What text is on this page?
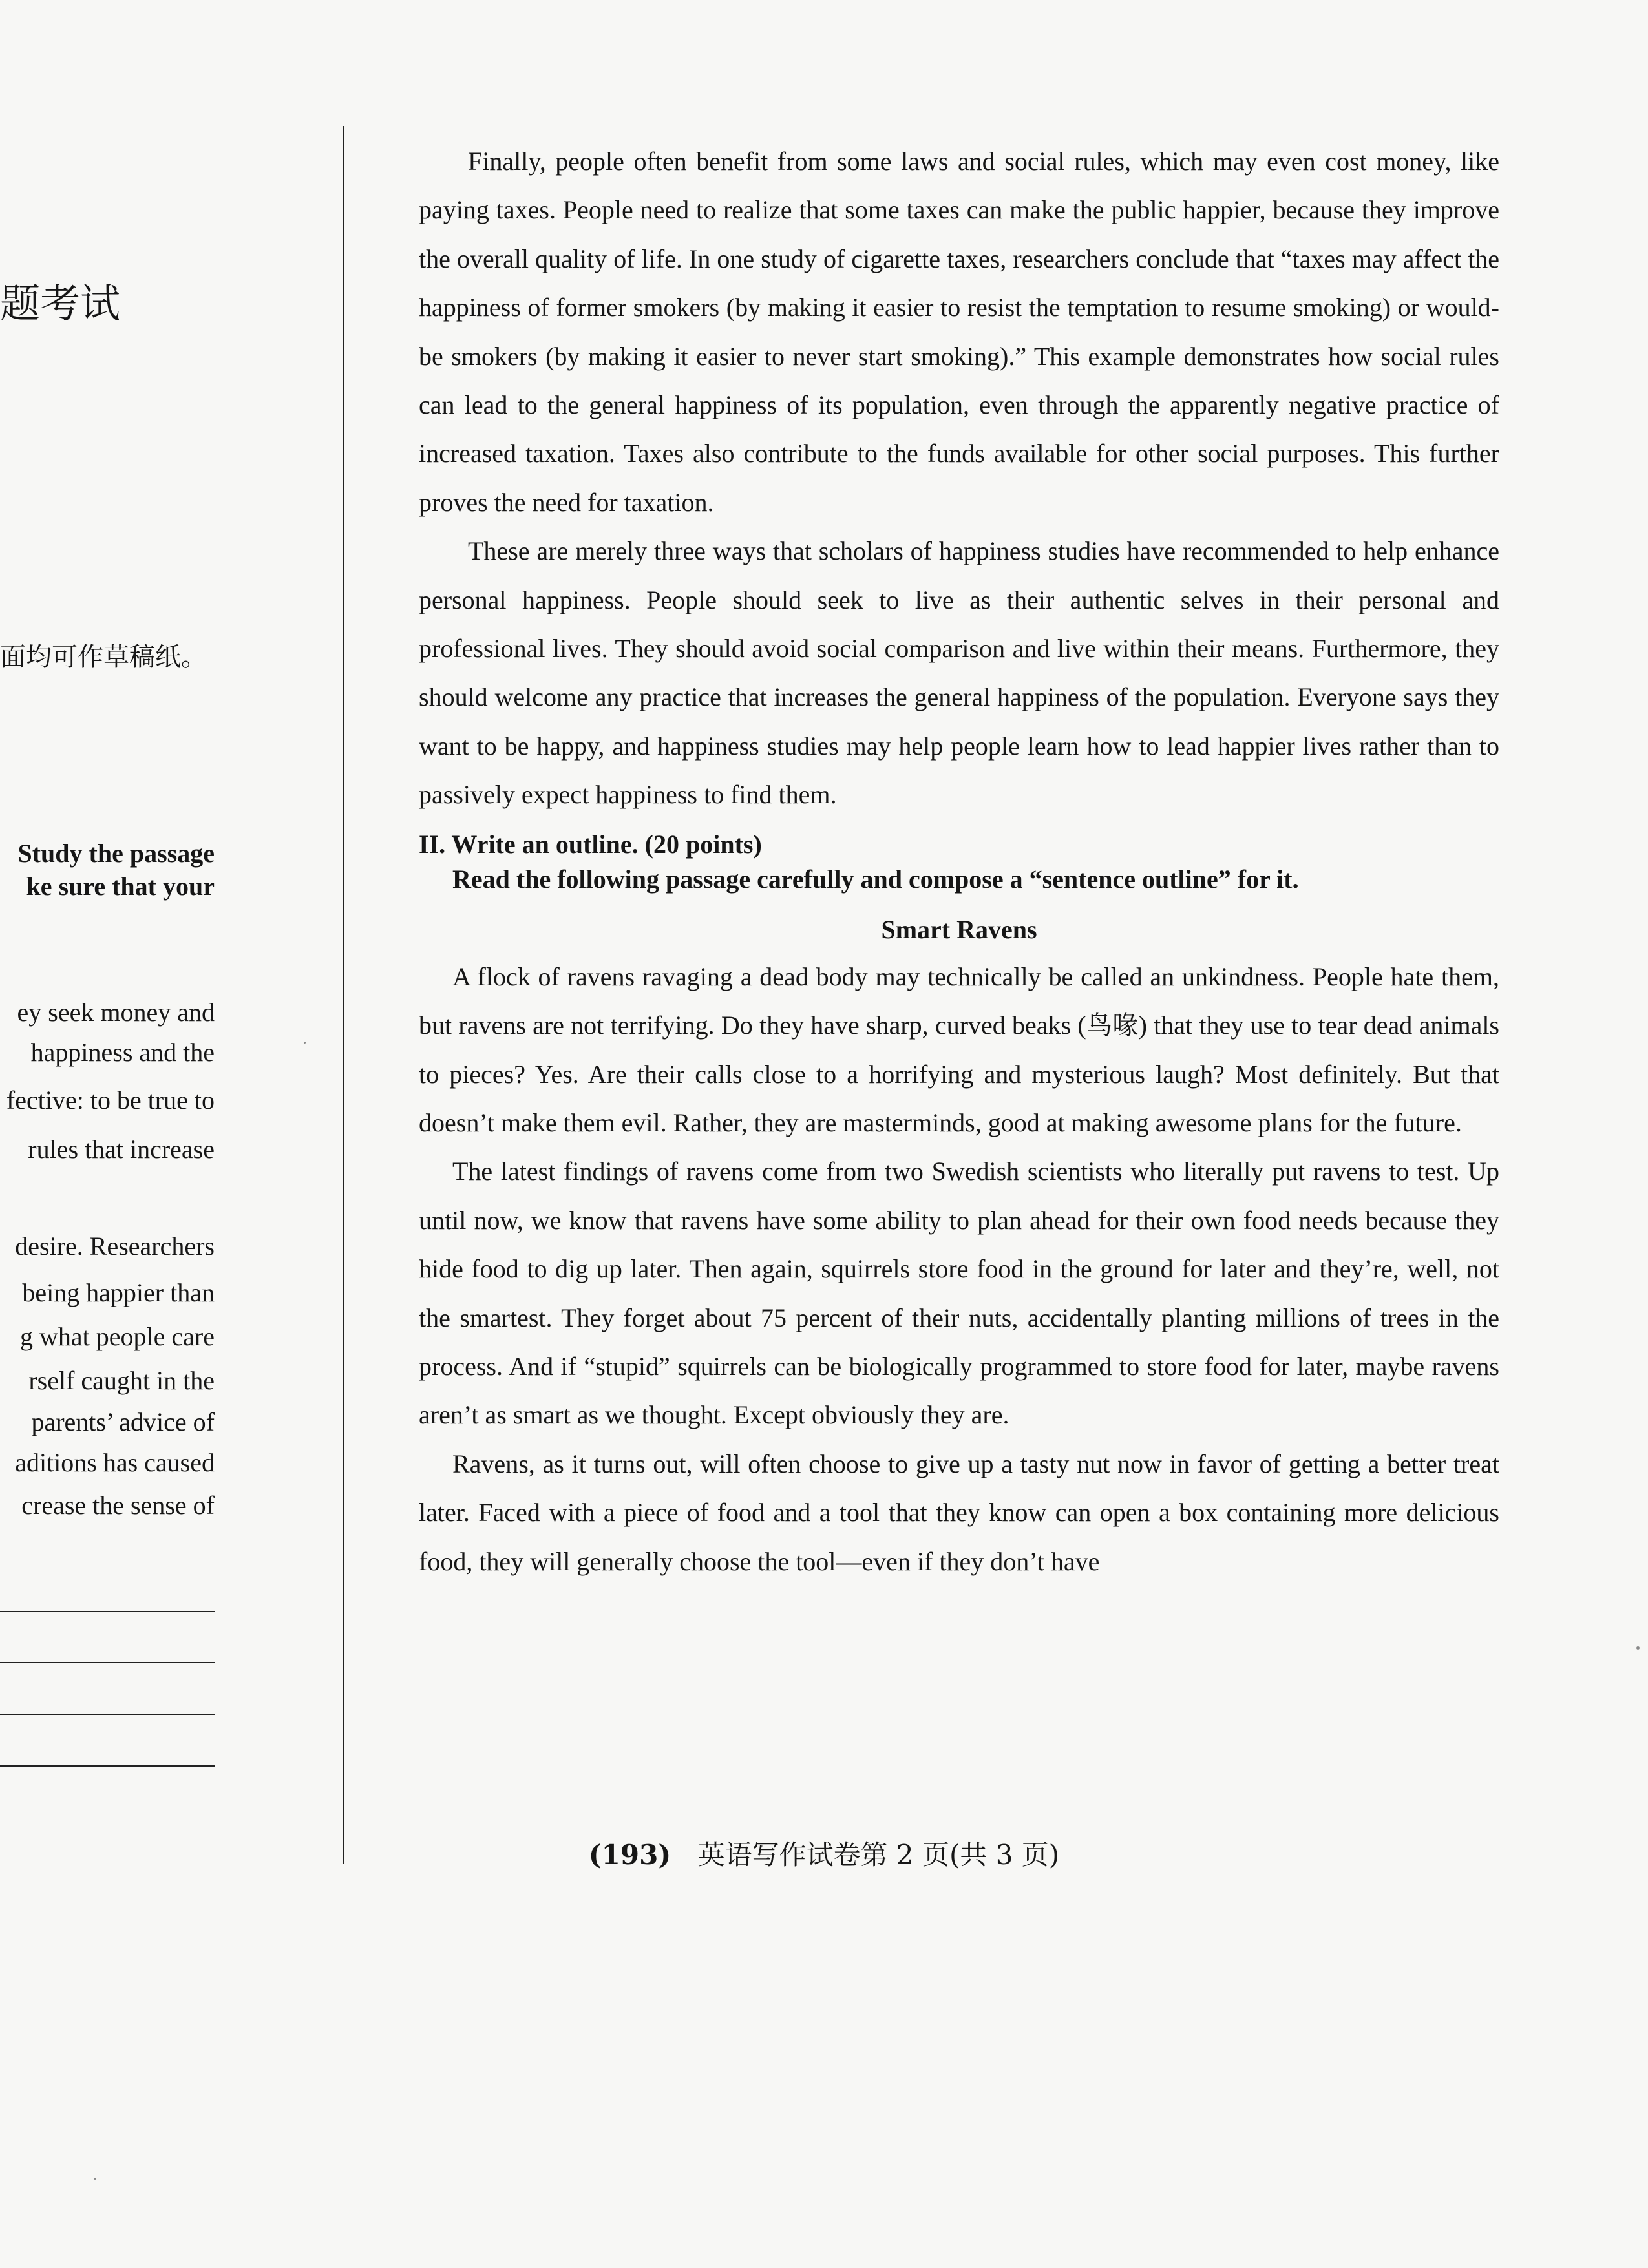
题考试
面均可作草稿纸。
Study the passage
ke sure that your
ey seek money and
happiness and the
fective: to be true to
rules that increase
desire. Researchers
being happier than
g what people care
rself caught in the
parents’ advice of
aditions has caused
crease the sense of

Finally, people often benefit from some laws and social rules, which may even cost money, like paying taxes. People need to realize that some taxes can make the public happier, because they improve the overall quality of life. In one study of cigarette taxes, researchers conclude that “taxes may affect the happiness of former smokers (by making it easier to resist the temptation to resume smoking) or would-be smokers (by making it easier to never start smoking).” This example demonstrates how social rules can lead to the general happiness of its population, even through the apparently negative practice of increased taxation. Taxes also contribute to the funds available for other social purposes. This further proves the need for taxation.

These are merely three ways that scholars of happiness studies have recommended to help enhance personal happiness. People should seek to live as their authentic selves in their personal and professional lives. They should avoid social comparison and live within their means. Furthermore, they should welcome any practice that increases the general happiness of the population. Everyone says they want to be happy, and happiness studies may help people learn how to lead happier lives rather than to passively expect happiness to find them.

II. Write an outline. (20 points)
Read the following passage carefully and compose a “sentence outline” for it.
Smart Ravens

A flock of ravens ravaging a dead body may technically be called an unkindness. People hate them, but ravens are not terrifying. Do they have sharp, curved beaks (鸟喙) that they use to tear dead animals to pieces? Yes. Are their calls close to a horrifying and mysterious laugh? Most definitely. But that doesn’t make them evil. Rather, they are masterminds, good at making awesome plans for the future.

The latest findings of ravens come from two Swedish scientists who literally put ravens to test. Up until now, we know that ravens have some ability to plan ahead for their own food needs because they hide food to dig up later. Then again, squirrels store food in the ground for later and they’re, well, not the smartest. They forget about 75 percent of their nuts, accidentally planting millions of trees in the process. And if “stupid” squirrels can be biologically programmed to store food for later, maybe ravens aren’t as smart as we thought. Except obviously they are.

Ravens, as it turns out, will often choose to give up a tasty nut now in favor of getting a better treat later. Faced with a piece of food and a tool that they know can open a box containing more delicious food, they will generally choose the tool—even if they don’t have

(193) 英语写作试卷第 2 页(共 3 页)
